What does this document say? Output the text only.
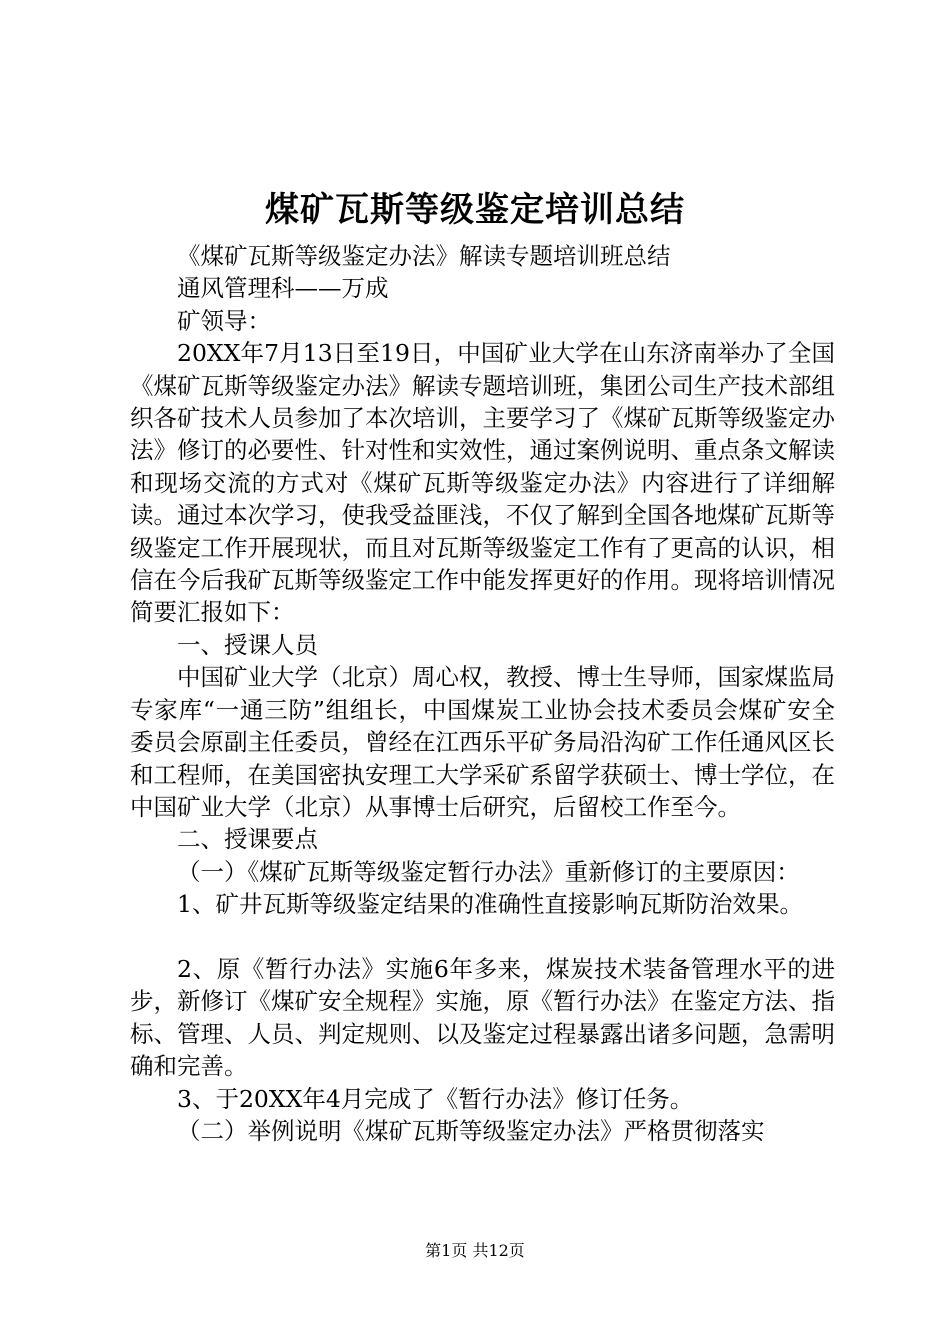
煤矿瓦斯等级鉴定培训总结

《煤矿瓦斯等级鉴定办法》解读专题培训班总结

通风管理科——万成

矿领导：

20XX年7月13日至19日，中国矿业大学在山东济南举办了全国《煤矿瓦斯等级鉴定办法》解读专题培训班，集团公司生产技术部组织各矿技术人员参加了本次培训，主要学习了《煤矿瓦斯等级鉴定办法》修订的必要性、针对性和实效性，通过案例说明、重点条文解读和现场交流的方式对《煤矿瓦斯等级鉴定办法》内容进行了详细解读。通过本次学习，使我受益匪浅，不仅了解到全国各地煤矿瓦斯等级鉴定工作开展现状，而且对瓦斯等级鉴定工作有了更高的认识，相信在今后我矿瓦斯等级鉴定工作中能发挥更好的作用。现将培训情况简要汇报如下：

一、授课人员

中国矿业大学（北京）周心权，教授、博士生导师，国家煤监局专家库“一通三防”组组长，中国煤炭工业协会技术委员会煤矿安全委员会原副主任委员，曾经在江西乐平矿务局沿沟矿工作任通风区长和工程师，在美国密执安理工大学采矿系留学获硕士、博士学位，在中国矿业大学（北京）从事博士后研究，后留校工作至今。

二、授课要点

（一）《煤矿瓦斯等级鉴定暂行办法》重新修订的主要原因：

1、矿井瓦斯等级鉴定结果的准确性直接影响瓦斯防治效果。

2、原《暂行办法》实施6年多来，煤炭技术装备管理水平的进步，新修订《煤矿安全规程》实施，原《暂行办法》在鉴定方法、指标、管理、人员、判定规则、以及鉴定过程暴露出诸多问题，急需明确和完善。

3、于20XX年4月完成了《暂行办法》修订任务。

（二）举例说明《煤矿瓦斯等级鉴定办法》严格贯彻落实

第1页 共12页
